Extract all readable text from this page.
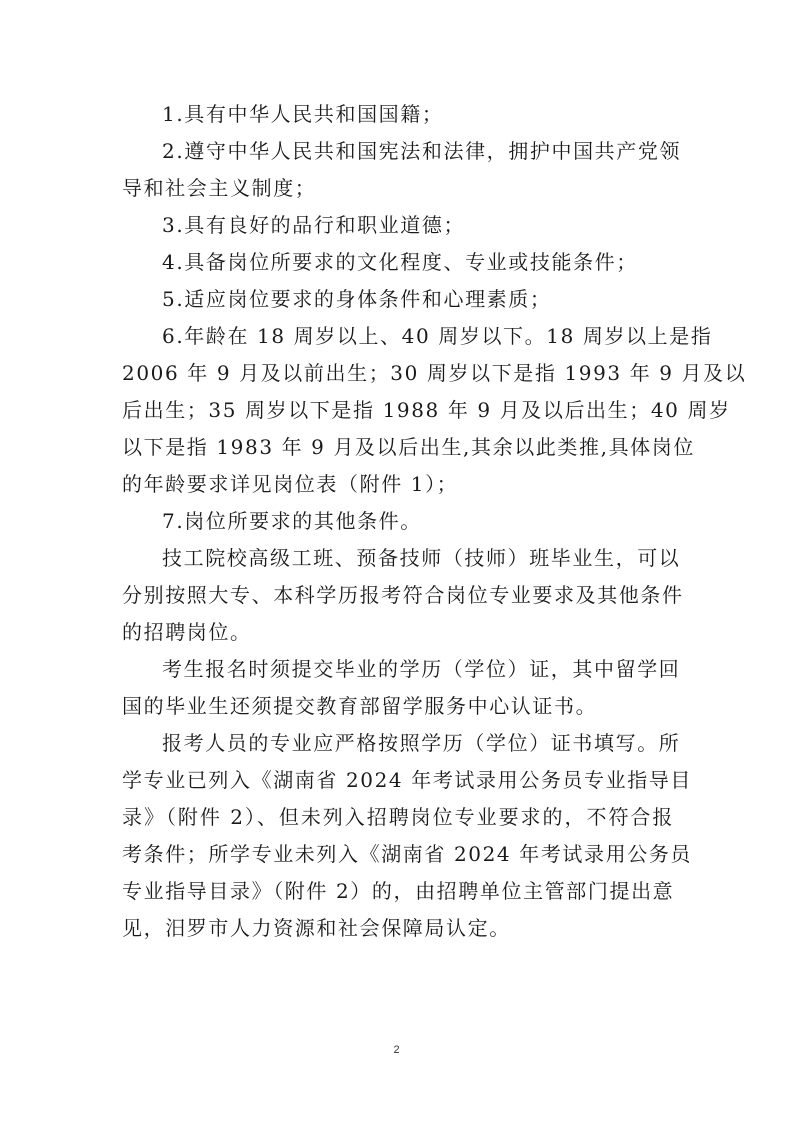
1.具有中华人民共和国国籍；

2.遵守中华人民共和国宪法和法律，拥护中国共产党领
导和社会主义制度；

3.具有良好的品行和职业道德；

4.具备岗位所要求的文化程度、专业或技能条件；

5.适应岗位要求的身体条件和心理素质；

6.年龄在 18 周岁以上、40 周岁以下。18 周岁以上是指
2006 年 9 月及以前出生；30 周岁以下是指 1993 年 9 月及以
后出生；35 周岁以下是指 1988 年 9 月及以后出生；40 周岁
以下是指 1983 年 9 月及以后出生,其余以此类推,具体岗位
的年龄要求详见岗位表（附件 1）；

7.岗位所要求的其他条件。

技工院校高级工班、预备技师（技师）班毕业生，可以
分别按照大专、本科学历报考符合岗位专业要求及其他条件
的招聘岗位。

考生报名时须提交毕业的学历（学位）证，其中留学回
国的毕业生还须提交教育部留学服务中心认证书。

报考人员的专业应严格按照学历（学位）证书填写。所
学专业已列入《湖南省 2024 年考试录用公务员专业指导目
录》（附件 2）、但未列入招聘岗位专业要求的，不符合报
考条件；所学专业未列入《湖南省 2024 年考试录用公务员
专业指导目录》（附件 2）的，由招聘单位主管部门提出意
见，汨罗市人力资源和社会保障局认定。

2
